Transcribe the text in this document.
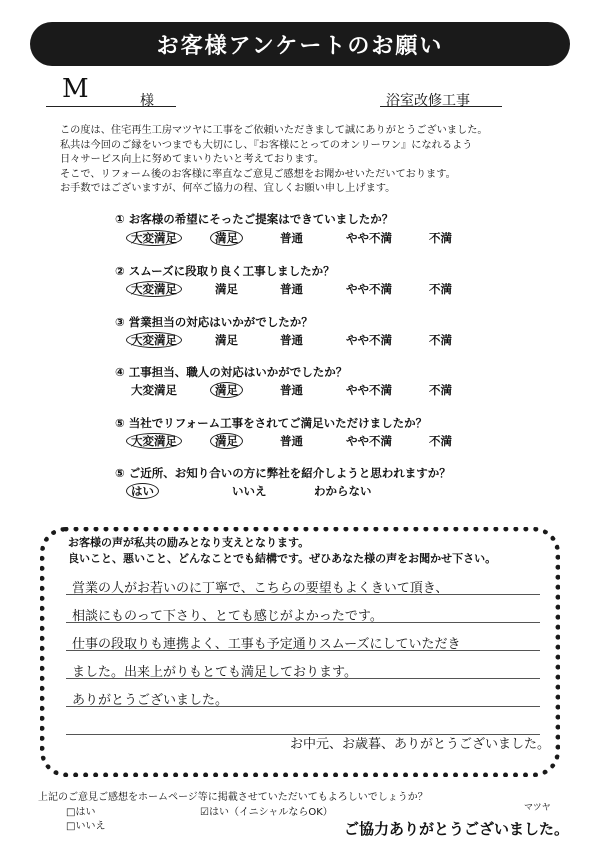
お客様アンケートのお願い
M	様	浴室改修工事
この度は、住宅再生工房マツヤに工事をご依頼いただきまして誠にありがとうございました。
私共は今回のご縁をいつまでも大切にし、『お客様にとってのオンリーワン』になれるよう
日々サービス向上に努めてまいりたいと考えております。
そこで、リフォーム後のお客様に率直なご意見ご感想をお聞かせいただいております。
お手数ではございますが、何卒ご協力の程、宜しくお願い申し上げます。
① お客様の希望にそったご提案はできていましたか？
大変満足	満足	普通	やや不満	不満
② スムーズに段取り良く工事しましたか？
大変満足	満足	普通	やや不満	不満
③ 営業担当の対応はいかがでしたか？
大変満足	満足	普通	やや不満	不満
④ 工事担当、職人の対応はいかがでしたか？
大変満足	満足	普通	やや不満	不満
⑤ 当社でリフォーム工事をされてご満足いただけましたか？
大変満足	満足	普通	やや不満	不満
⑤ ご近所、お知り合いの方に弊社を紹介しようと思われますか？
はい	いいえ	わからない
お客様の声が私共の励みとなり支えとなります。
良いこと、悪いこと、どんなことでも結構です。ぜひあなた様の声をお聞かせ下さい。
営業の人がお若いのに丁寧で、こちらの要望もよくきいて頂き、
相談にものって下さり、とても感じがよかったです。
仕事の段取りも連携よく、工事も予定通りスムーズにしていただき
ました。出来上がりもとても満足しております。
ありがとうございました。
お中元、お歳暮、ありがとうございました。
上記のご意見ご感想をホームページ等に掲載させていただいてもよろしいでしょうか？
□はい
□いいえ
☑はい（イニシャルならOK）	マツヤ
ご協力ありがとうございました。
